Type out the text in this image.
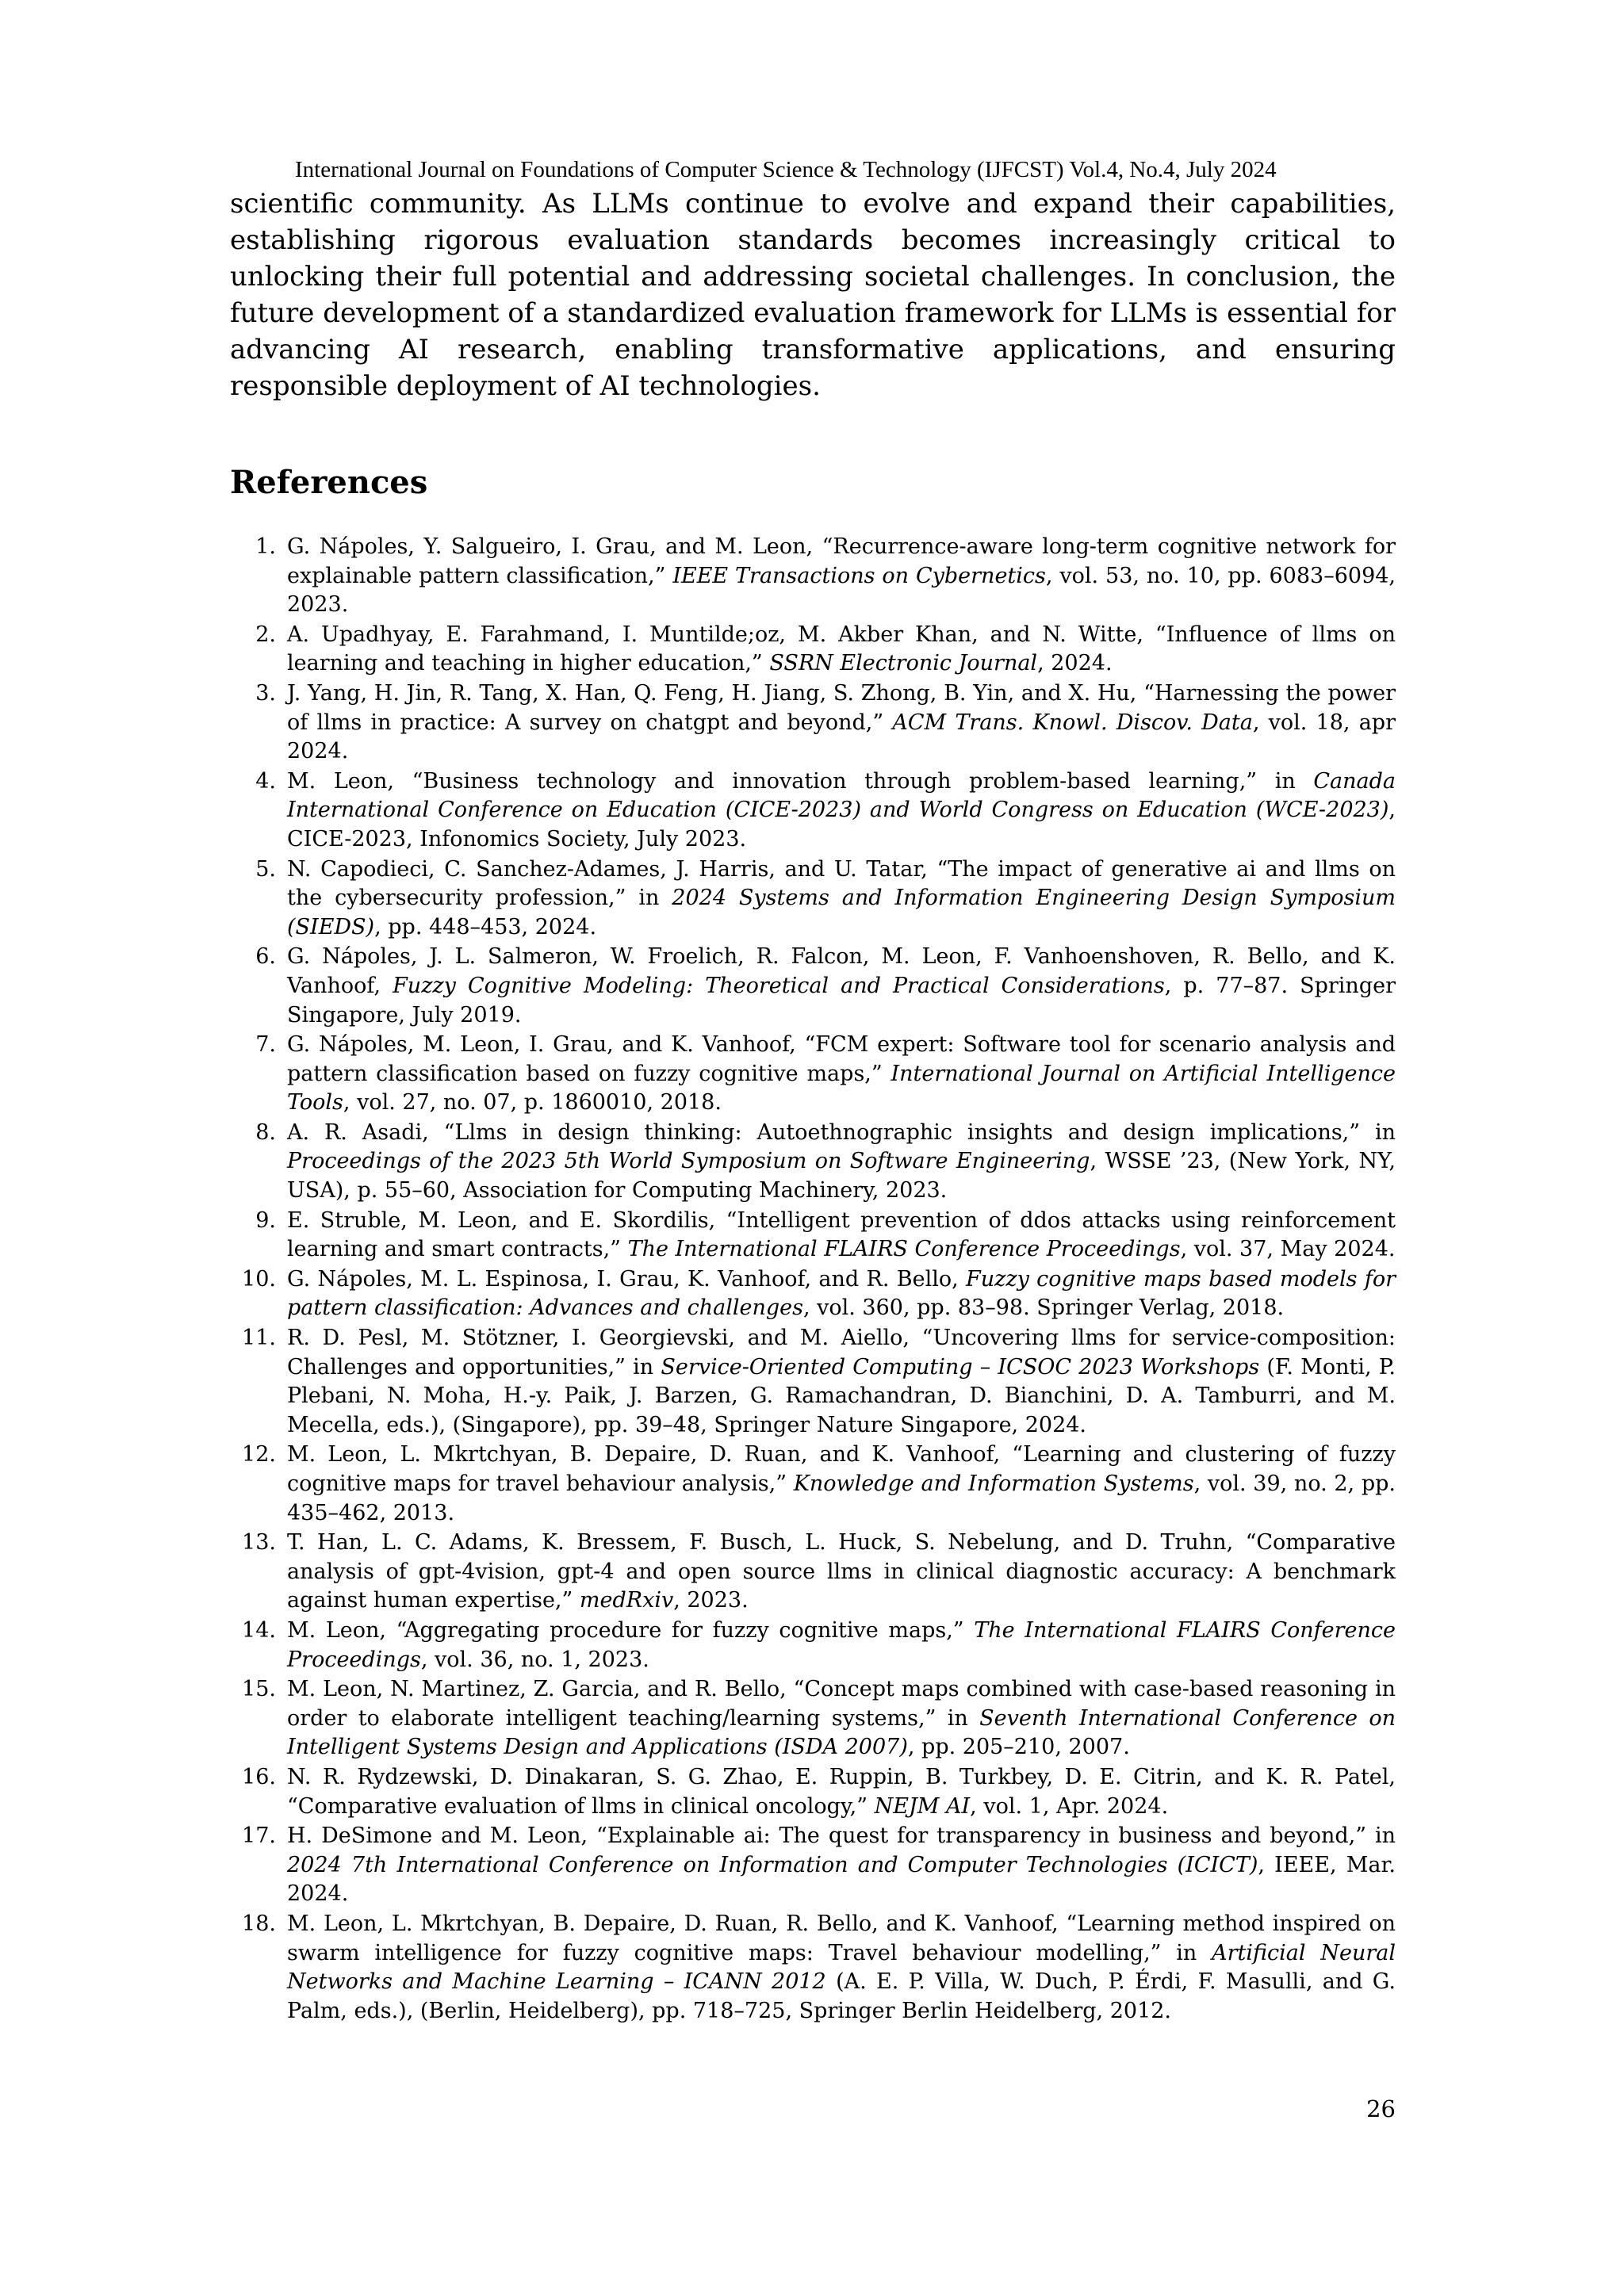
International Journal on Foundations of Computer Science & Technology (IJFCST) Vol.4, No.4, July 2024

scientific community. As LLMs continue to evolve and expand their capabilities, establishing rigorous evaluation standards becomes increasingly critical to unlocking their full potential and addressing societal challenges. In conclusion, the future development of a standardized evaluation framework for LLMs is essential for advancing AI research, enabling transformative applications, and ensuring responsible deployment of AI technologies.

References
1. G. Nápoles, Y. Salgueiro, I. Grau, and M. Leon, “Recurrence-aware long-term cognitive network for explainable pattern classification,” IEEE Transactions on Cybernetics, vol. 53, no. 10, pp. 6083–6094, 2023.
2. A. Upadhyay, E. Farahmand, I. Muntilde;oz, M. Akber Khan, and N. Witte, “Influence of llms on learning and teaching in higher education,” SSRN Electronic Journal, 2024.
3. J. Yang, H. Jin, R. Tang, X. Han, Q. Feng, H. Jiang, S. Zhong, B. Yin, and X. Hu, “Harnessing the power of llms in practice: A survey on chatgpt and beyond,” ACM Trans. Knowl. Discov. Data, vol. 18, apr 2024.
4. M. Leon, “Business technology and innovation through problem-based learning,” in Canada International Conference on Education (CICE-2023) and World Congress on Education (WCE-2023), CICE-2023, Infonomics Society, July 2023.
5. N. Capodieci, C. Sanchez-Adames, J. Harris, and U. Tatar, “The impact of generative ai and llms on the cybersecurity profession,” in 2024 Systems and Information Engineering Design Symposium (SIEDS), pp. 448–453, 2024.
6. G. Nápoles, J. L. Salmeron, W. Froelich, R. Falcon, M. Leon, F. Vanhoenshoven, R. Bello, and K. Vanhoof, Fuzzy Cognitive Modeling: Theoretical and Practical Considerations, p. 77–87. Springer Singapore, July 2019.
7. G. Nápoles, M. Leon, I. Grau, and K. Vanhoof, “FCM expert: Software tool for scenario analysis and pattern classification based on fuzzy cognitive maps,” International Journal on Artificial Intelligence Tools, vol. 27, no. 07, p. 1860010, 2018.
8. A. R. Asadi, “Llms in design thinking: Autoethnographic insights and design implications,” in Proceedings of the 2023 5th World Symposium on Software Engineering, WSSE ’23, (New York, NY, USA), p. 55–60, Association for Computing Machinery, 2023.
9. E. Struble, M. Leon, and E. Skordilis, “Intelligent prevention of ddos attacks using reinforcement learning and smart contracts,” The International FLAIRS Conference Proceedings, vol. 37, May 2024.
10. G. Nápoles, M. L. Espinosa, I. Grau, K. Vanhoof, and R. Bello, Fuzzy cognitive maps based models for pattern classification: Advances and challenges, vol. 360, pp. 83–98. Springer Verlag, 2018.
11. R. D. Pesl, M. Stötzner, I. Georgievski, and M. Aiello, “Uncovering llms for service-composition: Challenges and opportunities,” in Service-Oriented Computing – ICSOC 2023 Workshops (F. Monti, P. Plebani, N. Moha, H.-y. Paik, J. Barzen, G. Ramachandran, D. Bianchini, D. A. Tamburri, and M. Mecella, eds.), (Singapore), pp. 39–48, Springer Nature Singapore, 2024.
12. M. Leon, L. Mkrtchyan, B. Depaire, D. Ruan, and K. Vanhoof, “Learning and clustering of fuzzy cognitive maps for travel behaviour analysis,” Knowledge and Information Systems, vol. 39, no. 2, pp. 435–462, 2013.
13. T. Han, L. C. Adams, K. Bressem, F. Busch, L. Huck, S. Nebelung, and D. Truhn, “Comparative analysis of gpt-4vision, gpt-4 and open source llms in clinical diagnostic accuracy: A benchmark against human expertise,” medRxiv, 2023.
14. M. Leon, “Aggregating procedure for fuzzy cognitive maps,” The International FLAIRS Conference Proceedings, vol. 36, no. 1, 2023.
15. M. Leon, N. Martinez, Z. Garcia, and R. Bello, “Concept maps combined with case-based reasoning in order to elaborate intelligent teaching/learning systems,” in Seventh International Conference on Intelligent Systems Design and Applications (ISDA 2007), pp. 205–210, 2007.
16. N. R. Rydzewski, D. Dinakaran, S. G. Zhao, E. Ruppin, B. Turkbey, D. E. Citrin, and K. R. Patel, “Comparative evaluation of llms in clinical oncology,” NEJM AI, vol. 1, Apr. 2024.
17. H. DeSimone and M. Leon, “Explainable ai: The quest for transparency in business and beyond,” in 2024 7th International Conference on Information and Computer Technologies (ICICT), IEEE, Mar. 2024.
18. M. Leon, L. Mkrtchyan, B. Depaire, D. Ruan, R. Bello, and K. Vanhoof, “Learning method inspired on swarm intelligence for fuzzy cognitive maps: Travel behaviour modelling,” in Artificial Neural Networks and Machine Learning – ICANN 2012 (A. E. P. Villa, W. Duch, P. Érdi, F. Masulli, and G. Palm, eds.), (Berlin, Heidelberg), pp. 718–725, Springer Berlin Heidelberg, 2012.
26
